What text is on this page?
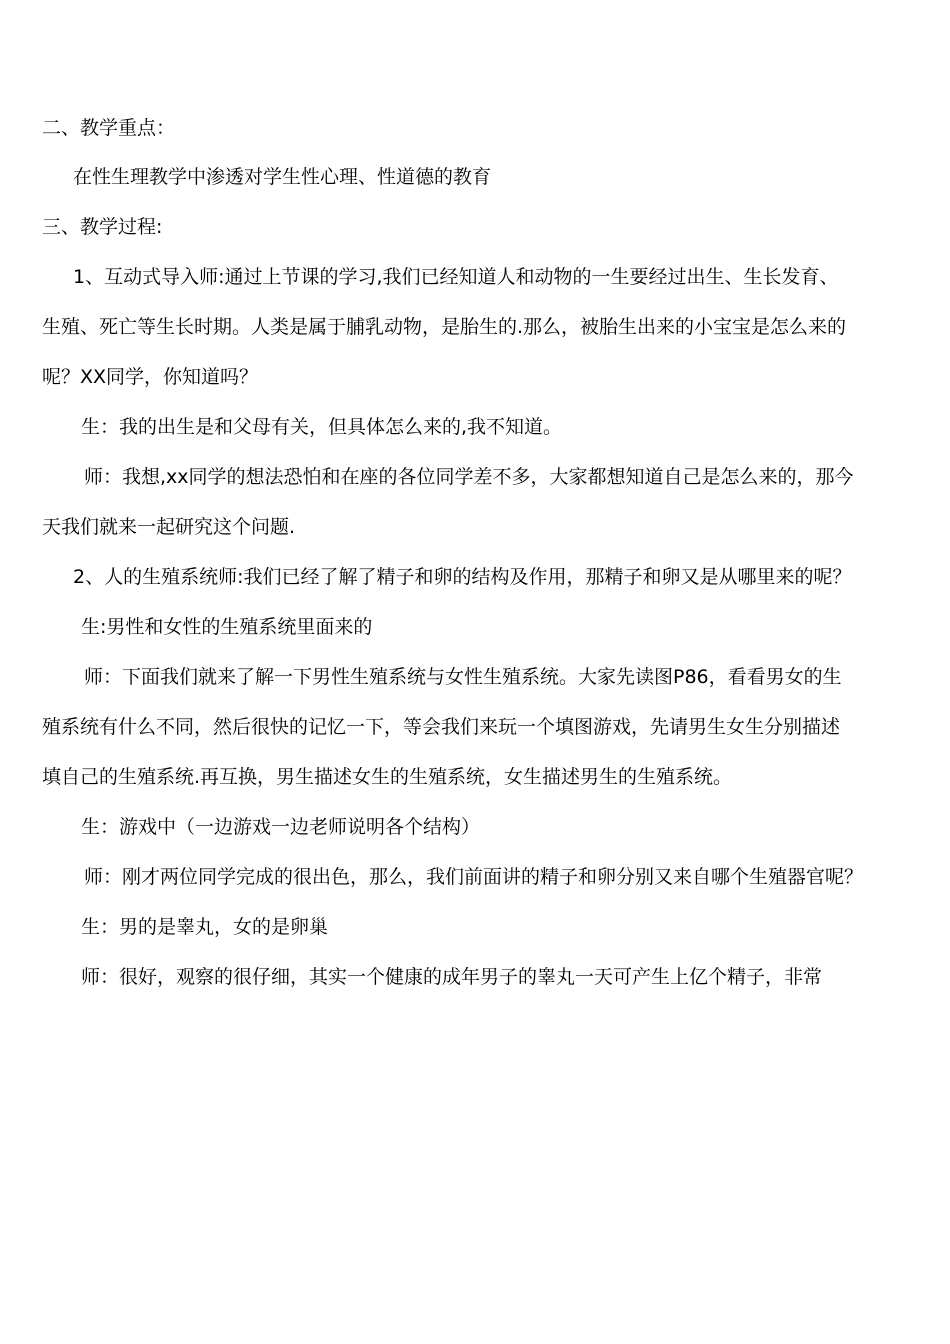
二、教学重点：
在性生理教学中渗透对学生性心理、性道德的教育
三、教学过程:
1、互动式导入师:通过上节课的学习,我们已经知道人和动物的一生要经过出生、生长发育、
生殖、死亡等生长时期。人类是属于脯乳动物，是胎生的.那么，被胎生出来的小宝宝是怎么来的
呢？XX同学，你知道吗？
生：我的出生是和父母有关，但具体怎么来的,我不知道。
师：我想,xx同学的想法恐怕和在座的各位同学差不多，大家都想知道自己是怎么来的，那今
天我们就来一起研究这个问题.
2、人的生殖系统师:我们已经了解了精子和卵的结构及作用，那精子和卵又是从哪里来的呢？
生:男性和女性的生殖系统里面来的
师：下面我们就来了解一下男性生殖系统与女性生殖系统。大家先读图P86，看看男女的生
殖系统有什么不同，然后很快的记忆一下，等会我们来玩一个填图游戏，先请男生女生分别描述
填自己的生殖系统.再互换，男生描述女生的生殖系统，女生描述男生的生殖系统。
生：游戏中（一边游戏一边老师说明各个结构）
师：刚才两位同学完成的很出色，那么，我们前面讲的精子和卵分别又来自哪个生殖器官呢？
生：男的是睾丸，女的是卵巢
师：很好，观察的很仔细，其实一个健康的成年男子的睾丸一天可产生上亿个精子，非常
